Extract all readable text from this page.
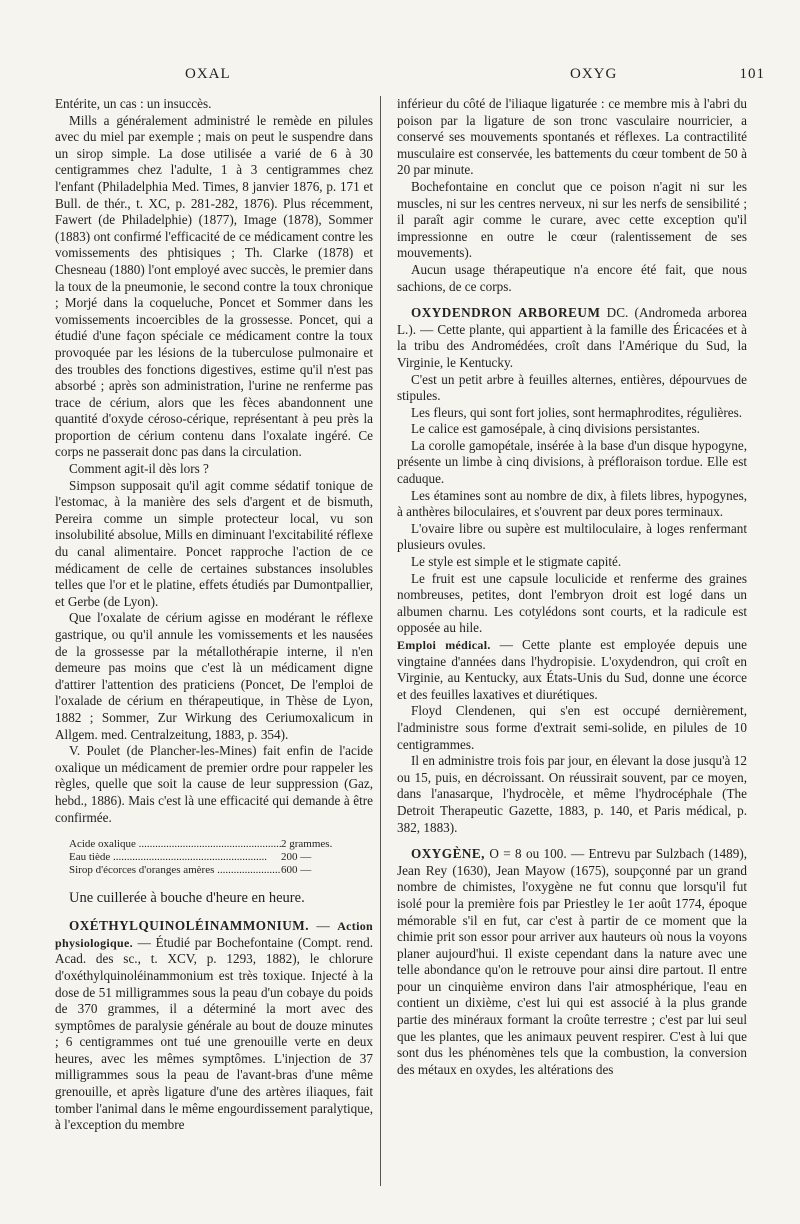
OXAL	OXYG	101

Entérite, un cas : un insuccès.

Mills a généralement administré le remède en pilules avec du miel par exemple ; mais on peut le suspendre dans un sirop simple. La dose utilisée a varié de 6 à 30 centigrammes chez l'adulte, 1 à 3 centigrammes chez l'enfant (Philadelphia Med. Times, 8 janvier 1876, p. 171 et Bull. de thér., t. XC, p. 281-282, 1876). Plus récemment, Fawert (de Philadelphie) (1877), Image (1878), Sommer (1883) ont confirmé l'efficacité de ce médicament contre les vomissements des phtisiques ; Th. Clarke (1878) et Chesneau (1880) l'ont employé avec succès, le premier dans la toux de la pneumonie, le second contre la toux chronique ; Morjé dans la coqueluche, Poncet et Sommer dans les vomissements incoercibles de la grossesse. Poncet, qui a étudié d'une façon spéciale ce médicament contre la toux provoquée par les lésions de la tuberculose pulmonaire et des troubles des fonctions digestives, estime qu'il n'est pas absorbé ; après son administration, l'urine ne renferme pas trace de cérium, alors que les fèces abandonnent une quantité d'oxyde céroso-cérique, représentant à peu près la proportion de cérium contenu dans l'oxalate ingéré. Ce corps ne passerait donc pas dans la circulation.

Comment agit-il dès lors ?

Simpson supposait qu'il agit comme sédatif tonique de l'estomac, à la manière des sels d'argent et de bismuth, Pereira comme un simple protecteur local, vu son insolubilité absolue, Mills en diminuant l'excitabilité réflexe du canal alimentaire. Poncet rapproche l'action de ce médicament de celle de certaines substances insolubles telles que l'or et le platine, effets étudiés par Dumontpallier, et Gerbe (de Lyon).

Que l'oxalate de cérium agisse en modérant le réflexe gastrique, ou qu'il annule les vomissements et les nausées de la grossesse par la métallothérapie interne, il n'en demeure pas moins que c'est là un médicament digne d'attirer l'attention des praticiens (Poncet, De l'emploi de l'oxalade de cérium en thérapeutique, in Thèse de Lyon, 1882 ; Sommer, Zur Wirkung des Ceriumoxalicum in Allgem. med. Centralzeitung, 1883, p. 354).

V. Poulet (de Plancher-les-Mines) fait enfin de l'acide oxalique un médicament de premier ordre pour rappeler les règles, quelle que soit la cause de leur suppression (Gaz, hebd., 1886). Mais c'est là une efficacité qui demande à être confirmée.

Acide oxalique .....	2 grammes.
Eau tiède .....	200 —
Sirop d'écorces d'oranges amères .....	600 —

Une cuillerée à bouche d'heure en heure.

OXÉTHYLQUINOLÉINAMMONIUM. — Action physiologique. — Étudié par Bochefontaine (Compt. rend. Acad. des sc., t. XCV, p. 1293, 1882), le chlorure d'oxéthylquinoléinammonium est très toxique. Injecté à la dose de 51 milligrammes sous la peau d'un cobaye du poids de 370 grammes, il a déterminé la mort avec des symptômes de paralysie générale au bout de douze minutes ; 6 centigrammes ont tué une grenouille verte en deux heures, avec les mêmes symptômes. L'injection de 37 milligrammes sous la peau de l'avant-bras d'une même grenouille, et après ligature d'une des artères iliaques, fait tomber l'animal dans le même engourdissement paralytique, à l'exception du membre

inférieur du côté de l'iliaque ligaturée : ce membre mis à l'abri du poison par la ligature de son tronc vasculaire nourricier, a conservé ses mouvements spontanés et réflexes. La contractilité musculaire est conservée, les battements du cœur tombent de 50 à 20 par minute.

Bochefontaine en conclut que ce poison n'agit ni sur les muscles, ni sur les centres nerveux, ni sur les nerfs de sensibilité ; il paraît agir comme le curare, avec cette exception qu'il impressionne en outre le cœur (ralentissement de ses mouvements).

Aucun usage thérapeutique n'a encore été fait, que nous sachions, de ce corps.

OXYDENDRON ARBOREUM DC. (Andromeda arborea L.). — Cette plante, qui appartient à la famille des Éricacées et à la tribu des Andromédées, croît dans l'Amérique du Sud, la Virginie, le Kentucky.

C'est un petit arbre à feuilles alternes, entières, dépourvues de stipules.

Les fleurs, qui sont fort jolies, sont hermaphrodites, régulières.

Le calice est gamosépale, à cinq divisions persistantes.

La corolle gamopétale, insérée à la base d'un disque hypogyne, présente un limbe à cinq divisions, à préfloraison tordue. Elle est caduque.

Les étamines sont au nombre de dix, à filets libres, hypogynes, à anthères biloculaires, et s'ouvrent par deux pores terminaux.

L'ovaire libre ou supère est multiloculaire, à loges renfermant plusieurs ovules.

Le style est simple et le stigmate capité.

Le fruit est une capsule loculicide et renferme des graines nombreuses, petites, dont l'embryon droit est logé dans un albumen charnu. Les cotylédons sont courts, et la radicule est opposée au hile.

Emploi médical. — Cette plante est employée depuis une vingtaine d'années dans l'hydropisie. L'oxydendron, qui croît en Virginie, au Kentucky, aux États-Unis du Sud, donne une écorce et des feuilles laxatives et diurétiques.

Floyd Clendenen, qui s'en est occupé dernièrement, l'administre sous forme d'extrait semi-solide, en pilules de 10 centigrammes.

Il en administre trois fois par jour, en élevant la dose jusqu'à 12 ou 15, puis, en décroissant. On réussirait souvent, par ce moyen, dans l'anasarque, l'hydrocèle, et même l'hydrocéphale (The Detroit Therapeutic Gazette, 1883, p. 140, et Paris médical, p. 382, 1883).

OXYGÈNE, O = 8 ou 100. — Entrevu par Sulzbach (1489), Jean Rey (1630), Jean Mayow (1675), soupçonné par un grand nombre de chimistes, l'oxygène ne fut connu que lorsqu'il fut isolé pour la première fois par Priestley le 1er août 1774, époque mémorable s'il en fut, car c'est à partir de ce moment que la chimie prit son essor pour arriver aux hauteurs où nous la voyons planer aujourd'hui. Il existe cependant dans la nature avec une telle abondance qu'on le retrouve pour ainsi dire partout. Il entre pour un cinquième environ dans l'air atmosphérique, l'eau en contient un dixième, c'est lui qui est associé à la plus grande partie des minéraux formant la croûte terrestre ; c'est par lui seul que les plantes, que les animaux peuvent respirer. C'est à lui que sont dus les phénomènes tels que la combustion, la conversion des métaux en oxydes, les altérations des
